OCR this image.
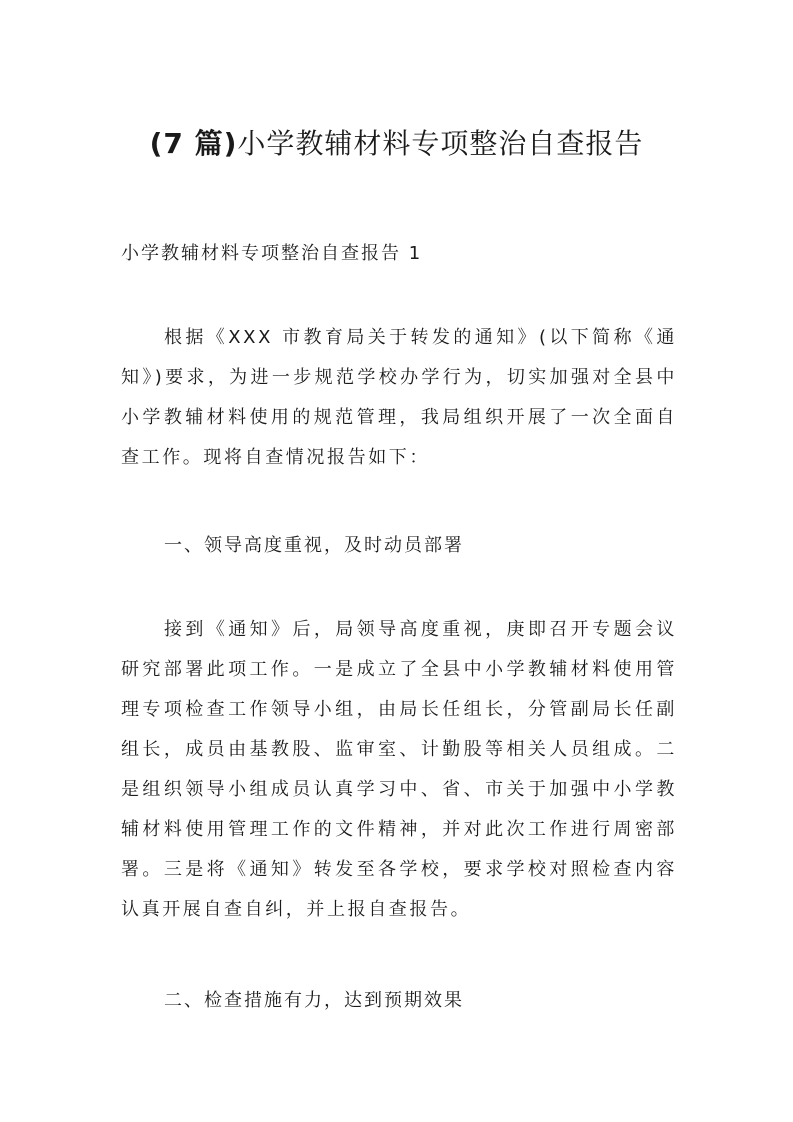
(7 篇)小学教辅材料专项整治自查报告

小学教辅材料专项整治自查报告 1

根据《XXX 市教育局关于转发的通知》(以下简称《通知》)要求，为进一步规范学校办学行为，切实加强对全县中小学教辅材料使用的规范管理，我局组织开展了一次全面自查工作。现将自查情况报告如下：

一、领导高度重视，及时动员部署

接到《通知》后，局领导高度重视，庚即召开专题会议研究部署此项工作。一是成立了全县中小学教辅材料使用管理专项检查工作领导小组，由局长任组长，分管副局长任副组长，成员由基教股、监审室、计勤股等相关人员组成。二是组织领导小组成员认真学习中、省、市关于加强中小学教辅材料使用管理工作的文件精神，并对此次工作进行周密部署。三是将《通知》转发至各学校，要求学校对照检查内容认真开展自查自纠，并上报自查报告。

二、检查措施有力，达到预期效果
